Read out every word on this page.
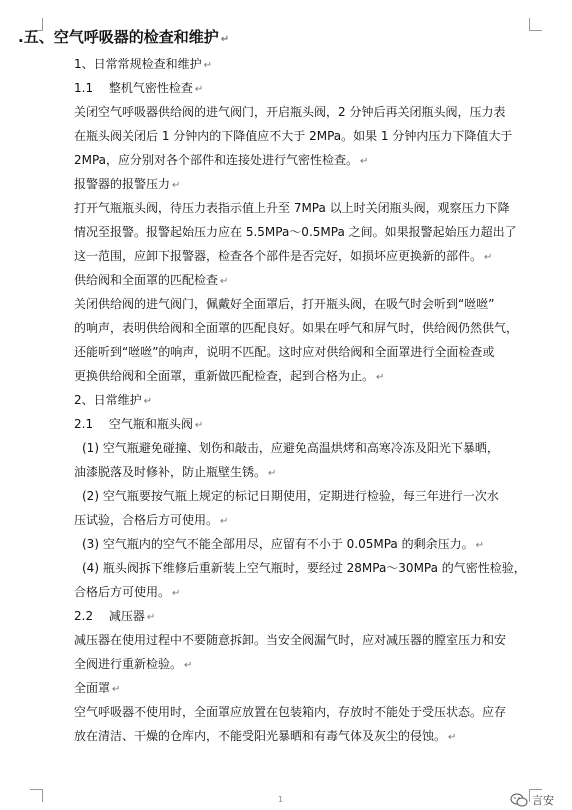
.五、空气呼吸器的检查和维护 ↵
1、日常常规检查和维护 ↵
1.1　 整机气密性检查 ↵
关闭空气呼吸器供给阀的进气阀门，开启瓶头阀，2 分钟后再关闭瓶头阀，压力表
在瓶头阀关闭后 1 分钟内的下降值应不大于 2MPa。如果 1 分钟内压力下降值大于
2MPa，应分别对各个部件和连接处进行气密性检查。 ↵
报警器的报警压力 ↵
打开气瓶瓶头阀，待压力表指示值上升至 7MPa 以上时关闭瓶头阀，观察压力下降
情况至报警。报警起始压力应在 5.5MPa～0.5MPa 之间。如果报警起始压力超出了
这一范围，应卸下报警器，检查各个部件是否完好，如损坏应更换新的部件。 ↵
供给阀和全面罩的匹配检查 ↵
关闭供给阀的进气阀门，佩戴好全面罩后，打开瓶头阀，在吸气时会听到“咝咝”
的响声，表明供给阀和全面罩的匹配良好。如果在呼气和屏气时，供给阀仍然供气，
还能听到“咝咝”的响声，说明不匹配。这时应对供给阀和全面罩进行全面检查或
更换供给阀和全面罩，重新做匹配检查，起到合格为止。 ↵
2、日常维护 ↵
2.1　 空气瓶和瓶头阀 ↵
(1) 空气瓶避免碰撞、划伤和敲击，应避免高温烘烤和高寒冷冻及阳光下暴晒，
油漆脱落及时修补，防止瓶壁生锈。 ↵
(2) 空气瓶要按气瓶上规定的标记日期使用，定期进行检验，每三年进行一次水
压试验，合格后方可使用。 ↵
(3) 空气瓶内的空气不能全部用尽，应留有不小于 0.05MPa 的剩余压力。 ↵
(4) 瓶头阀拆下维修后重新装上空气瓶时，要经过 28MPa～30MPa 的气密性检验，
合格后方可使用。 ↵
2.2　 减压器 ↵
减压器在使用过程中不要随意拆卸。当安全阀漏气时，应对减压器的膛室压力和安
全阀进行重新检验。 ↵
全面罩 ↵
空气呼吸器不使用时，全面罩应放置在包装箱内，存放时不能处于受压状态。应存
放在清洁、干燥的仓库内，不能受阳光暴晒和有毒气体及灰尘的侵蚀。 ↵
1	言安
